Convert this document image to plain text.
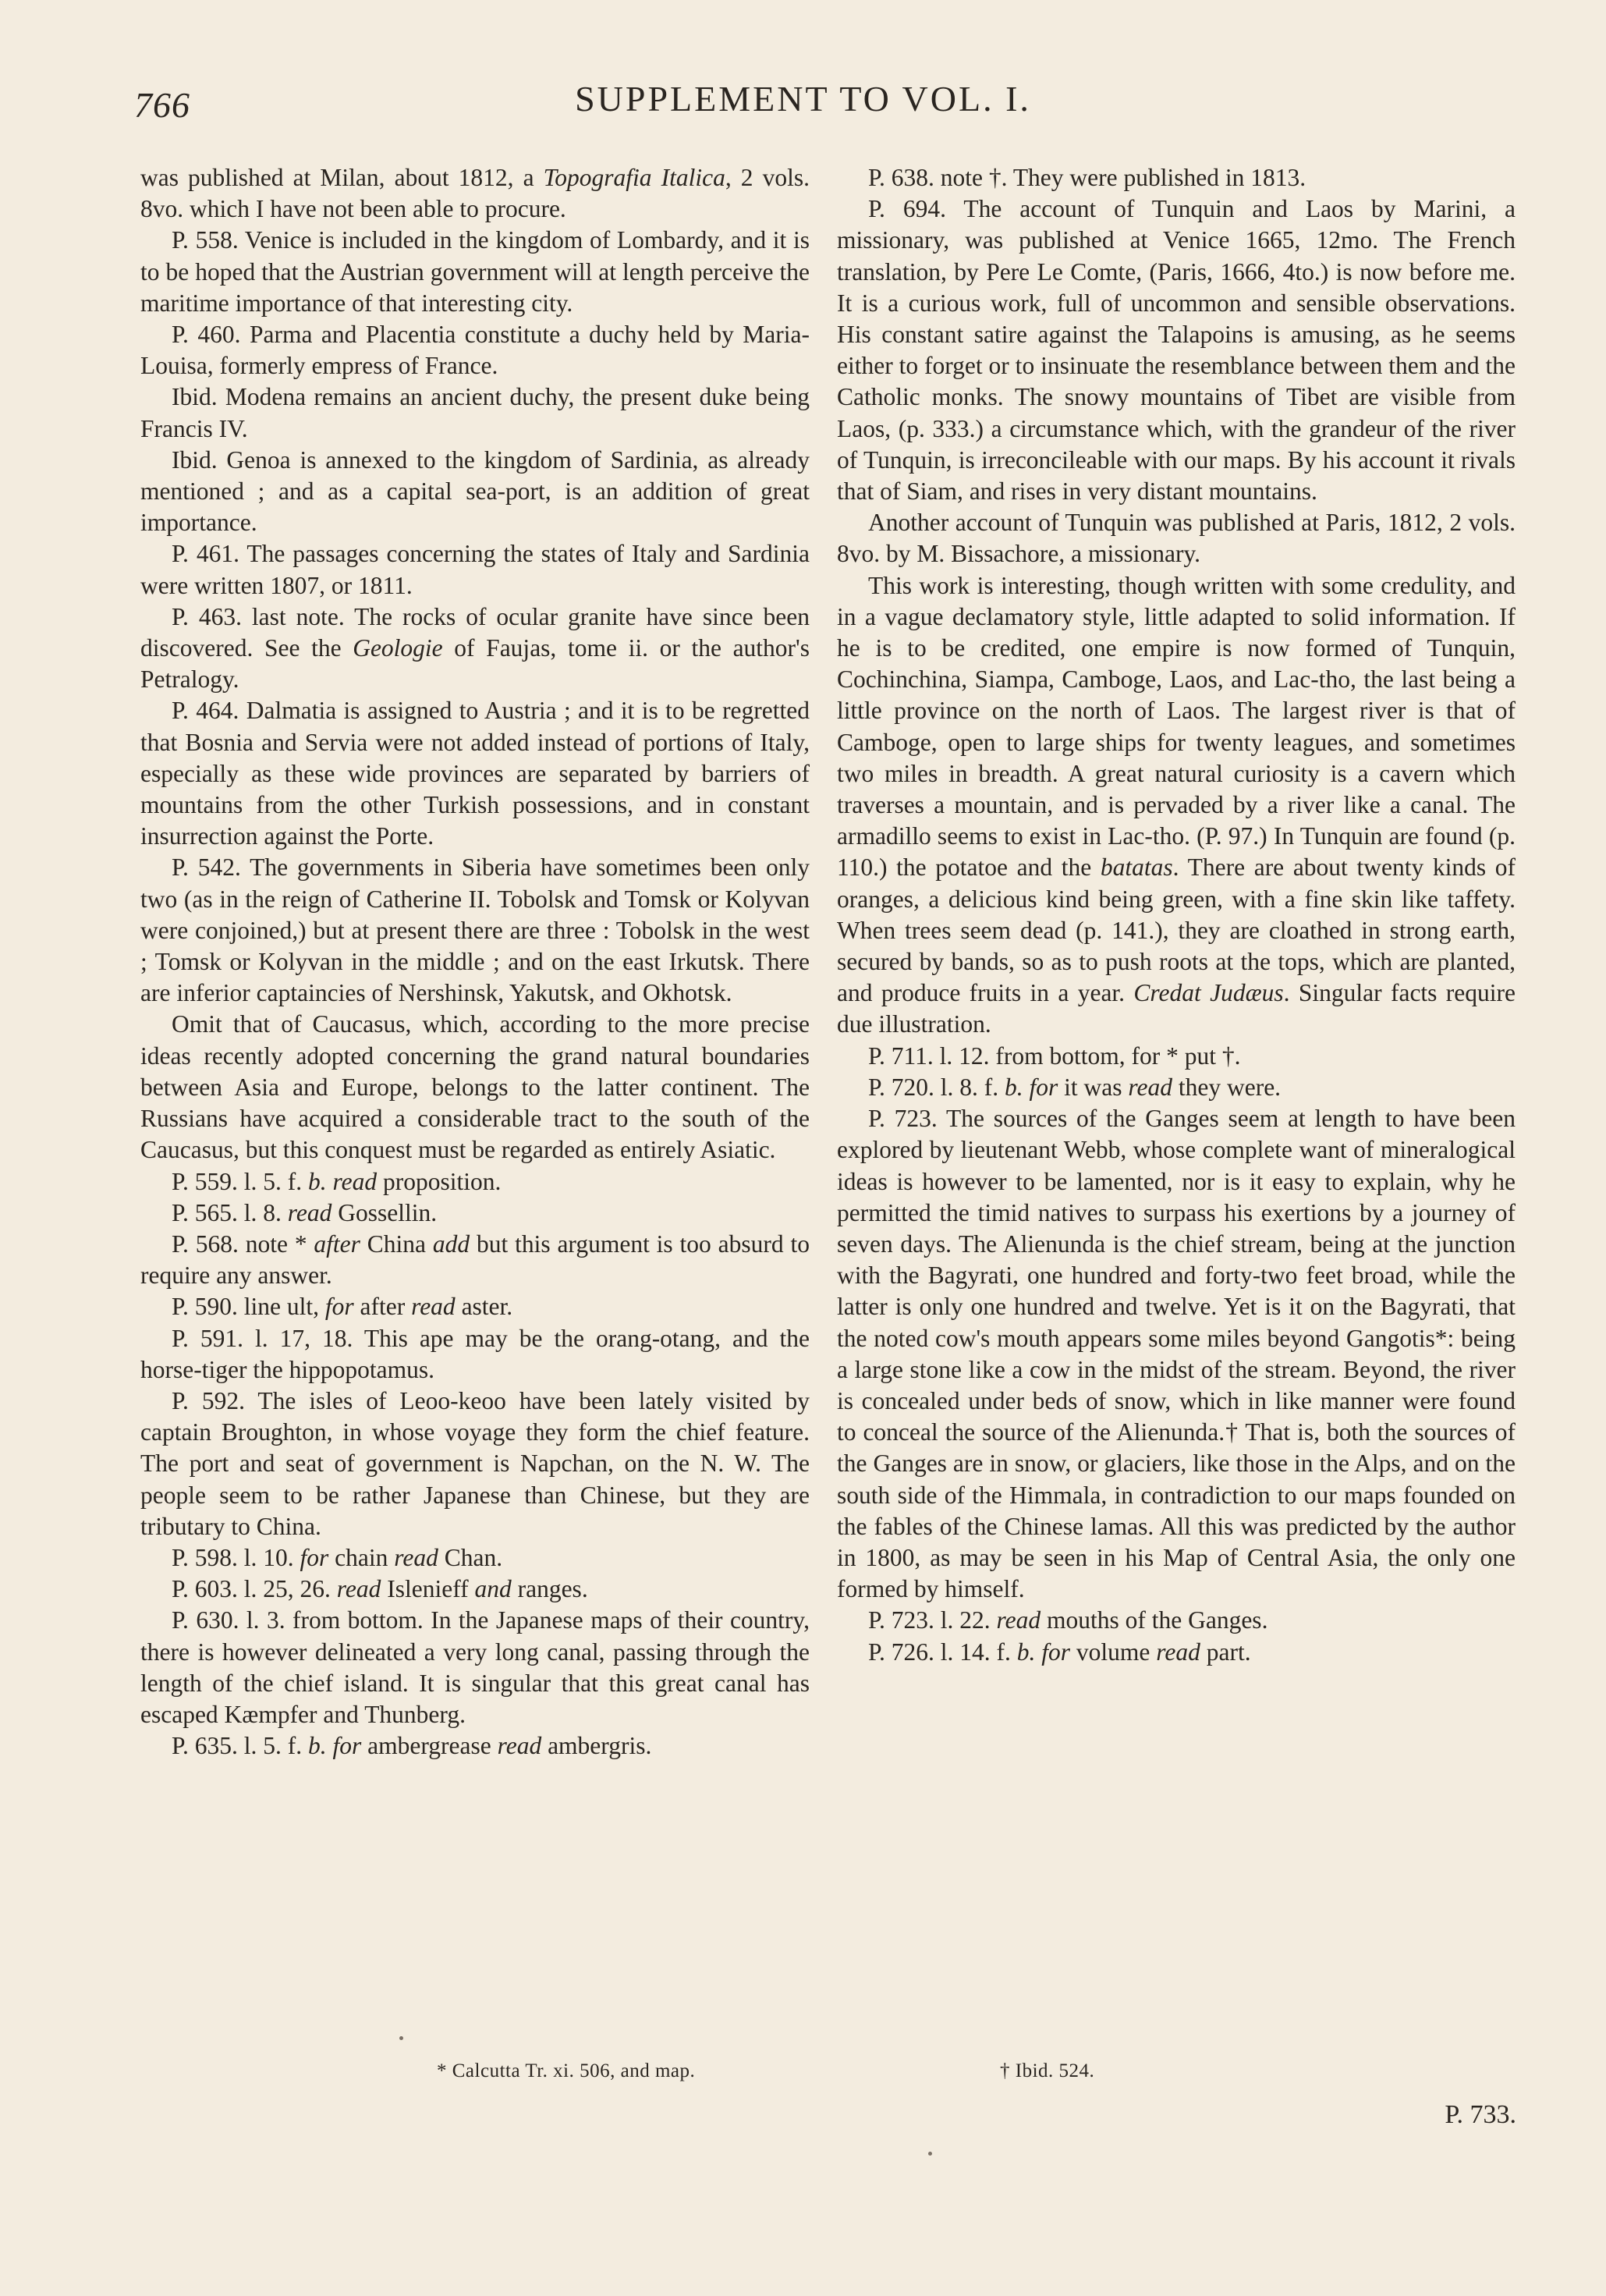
766	SUPPLEMENT TO VOL. I.

was published at Milan, about 1812, a Topografia Italica, 2 vols. 8vo. which I have not been able to procure.

P. 558. Venice is included in the kingdom of Lombardy, and it is to be hoped that the Austrian government will at length perceive the maritime importance of that interesting city.

P. 460. Parma and Placentia constitute a duchy held by Maria-Louisa, formerly empress of France.

Ibid. Modena remains an ancient duchy, the present duke being Francis IV.

Ibid. Genoa is annexed to the kingdom of Sardinia, as already mentioned ; and as a capital sea-port, is an addition of great importance.

P. 461. The passages concerning the states of Italy and Sardinia were written 1807, or 1811.

P. 463. last note. The rocks of ocular granite have since been discovered. See the Geologie of Faujas, tome ii. or the author's Petralogy.

P. 464. Dalmatia is assigned to Austria ; and it is to be regretted that Bosnia and Servia were not added instead of portions of Italy, especially as these wide provinces are separated by barriers of mountains from the other Turkish possessions, and in constant insurrection against the Porte.

P. 542. The governments in Siberia have sometimes been only two (as in the reign of Catherine II. Tobolsk and Tomsk or Kolyvan were conjoined,) but at present there are three : Tobolsk in the west ; Tomsk or Kolyvan in the middle ; and on the east Irkutsk. There are inferior captaincies of Nershinsk, Yakutsk, and Okhotsk.

Omit that of Caucasus, which, according to the more precise ideas recently adopted concerning the grand natural boundaries between Asia and Europe, belongs to the latter continent. The Russians have acquired a considerable tract to the south of the Caucasus, but this conquest must be regarded as entirely Asiatic.

P. 559. l. 5. f. b. read proposition.

P. 565. l. 8. read Gossellin.

P. 568. note * after China add but this argument is too absurd to require any answer.

P. 590. line ult, for after read aster.

P. 591. l. 17, 18. This ape may be the orang-otang, and the horse-tiger the hippopotamus.

P. 592. The isles of Leoo-keoo have been lately visited by captain Broughton, in whose voyage they form the chief feature. The port and seat of government is Napchan, on the N. W. The people seem to be rather Japanese than Chinese, but they are tributary to China.

P. 598. l. 10. for chain read Chan.

P. 603. l. 25, 26. read Islenieff and ranges.

P. 630. l. 3. from bottom. In the Japanese maps of their country, there is however delineated a very long canal, passing through the length of the chief island. It is singular that this great canal has escaped Kæmpfer and Thunberg.

P. 635. l. 5. f. b. for ambergrease read ambergris.

P. 638. note †. They were published in 1813.

P. 694. The account of Tunquin and Laos by Marini, a missionary, was published at Venice 1665, 12mo. The French translation, by Pere Le Comte, (Paris, 1666, 4to.) is now before me. It is a curious work, full of uncommon and sensible observations. His constant satire against the Talapoins is amusing, as he seems either to forget or to insinuate the resemblance between them and the Catholic monks. The snowy mountains of Tibet are visible from Laos, (p. 333.) a circumstance which, with the grandeur of the river of Tunquin, is irreconcileable with our maps. By his account it rivals that of Siam, and rises in very distant mountains.

Another account of Tunquin was published at Paris, 1812, 2 vols. 8vo. by M. Bissachore, a missionary.

This work is interesting, though written with some credulity, and in a vague declamatory style, little adapted to solid information. If he is to be credited, one empire is now formed of Tunquin, Cochinchina, Siampa, Camboge, Laos, and Lac-tho, the last being a little province on the north of Laos. The largest river is that of Camboge, open to large ships for twenty leagues, and sometimes two miles in breadth. A great natural curiosity is a cavern which traverses a mountain, and is pervaded by a river like a canal. The armadillo seems to exist in Lac-tho. (P. 97.) In Tunquin are found (p. 110.) the potatoe and the batatas. There are about twenty kinds of oranges, a delicious kind being green, with a fine skin like taffety. When trees seem dead (p. 141.), they are cloathed in strong earth, secured by bands, so as to push roots at the tops, which are planted, and produce fruits in a year. Credat Judæus. Singular facts require due illustration.

P. 711. l. 12. from bottom, for * put †.

P. 720. l. 8. f. b. for it was read they were.

P. 723. The sources of the Ganges seem at length to have been explored by lieutenant Webb, whose complete want of mineralogical ideas is however to be lamented, nor is it easy to explain, why he permitted the timid natives to surpass his exertions by a journey of seven days. The Alienunda is the chief stream, being at the junction with the Bagyrati, one hundred and forty-two feet broad, while the latter is only one hundred and twelve. Yet is it on the Bagyrati, that the noted cow's mouth appears some miles beyond Gangotis*: being a large stone like a cow in the midst of the stream. Beyond, the river is concealed under beds of snow, which in like manner were found to conceal the source of the Alienunda.† That is, both the sources of the Ganges are in snow, or glaciers, like those in the Alps, and on the south side of the Himmala, in contradiction to our maps founded on the fables of the Chinese lamas. All this was predicted by the author in 1800, as may be seen in his Map of Central Asia, the only one formed by himself.

P. 723. l. 22. read mouths of the Ganges.

P. 726. l. 14. f. b. for volume read part.

* Calcutta Tr. xi. 506, and map.	† Ibid. 524.
P. 733.
